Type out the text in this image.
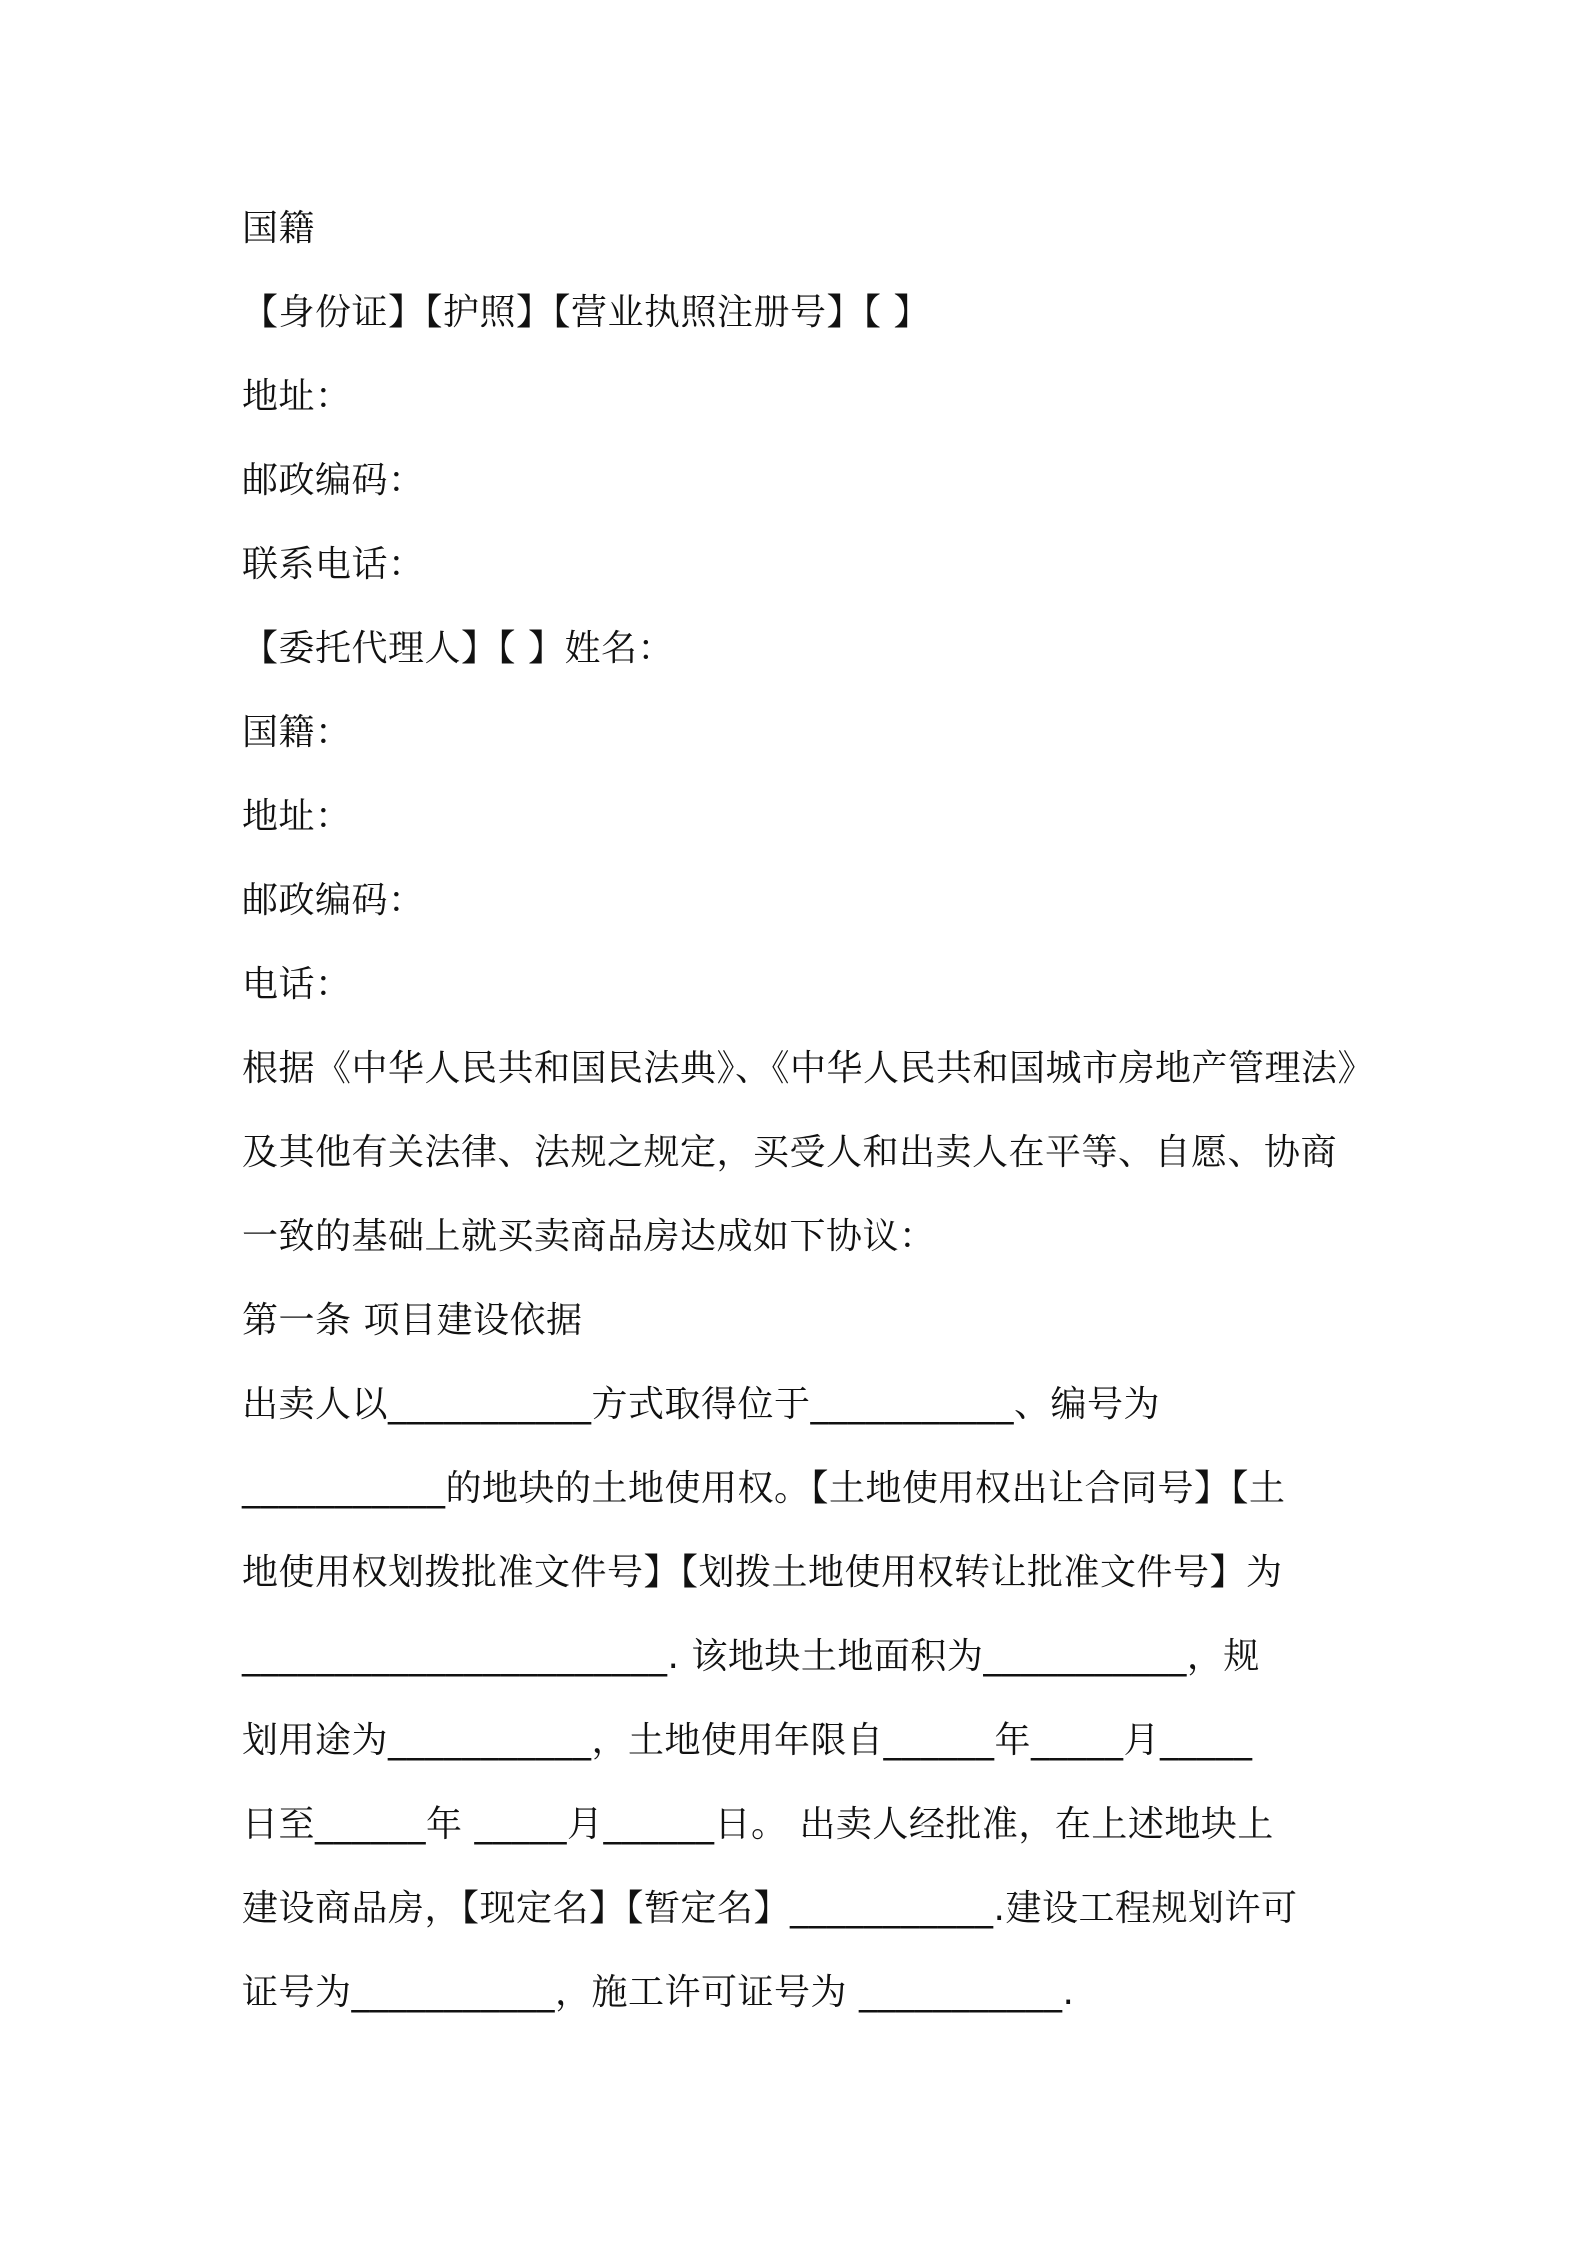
国籍
【身份证】【护照】【营业执照注册号】【 】
地址：
邮政编码：
联系电话：
【委托代理人】【 】姓名：
国籍：
地址：
邮政编码：
电话：
根据《中华人民共和国民法典》、《中华人民共和国城市房地产管理法》
及其他有关法律、法规之规定，买受人和出卖人在平等、自愿、协商
一致的基础上就买卖商品房达成如下协议：
第一条 项目建设依据
出卖人以___________方式取得位于___________、编号为
___________的地块的土地使用权。【土地使用权出让合同号】【土
地使用权划拨批准文件号】【划拨土地使用权转让批准文件号】为
_______________________. 该地块土地面积为___________，规
划用途为___________，土地使用年限自______年_____月_____
日至______年 _____月______日。 出卖人经批准，在上述地块上
建设商品房，【现定名】【暂定名】___________.建设工程规划许可
证号为___________，施工许可证号为 ___________.
